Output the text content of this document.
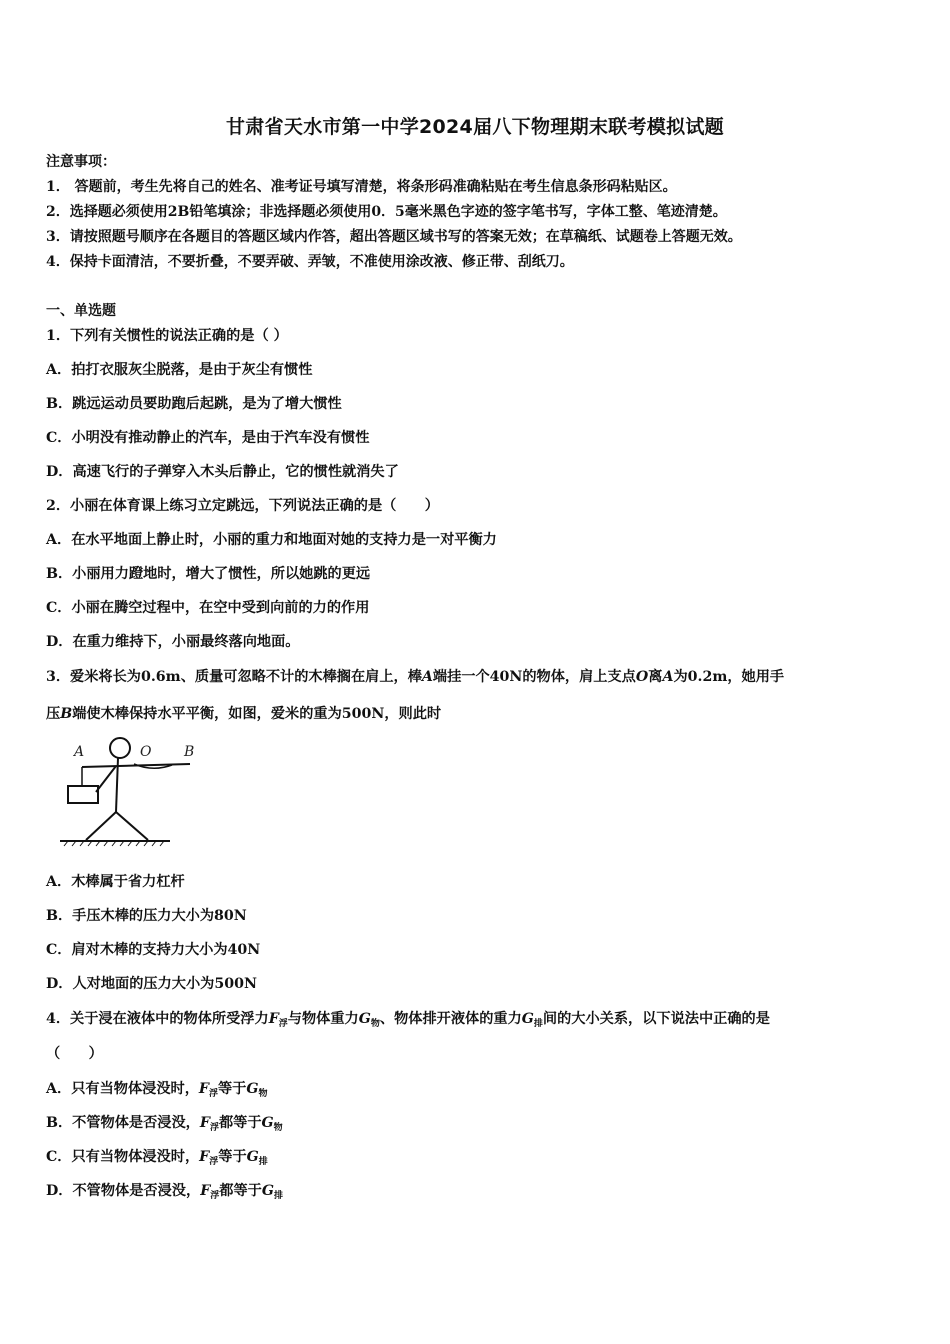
甘肃省天水市第一中学2024届八下物理期末联考模拟试题
注意事项：
1． 答题前，考生先将自己的姓名、准考证号填写清楚，将条形码准确粘贴在考生信息条形码粘贴区。
2．选择题必须使用2B铅笔填涂；非选择题必须使用0．5毫米黑色字迹的签字笔书写，字体工整、笔迹清楚。
3．请按照题号顺序在各题目的答题区域内作答，超出答题区域书写的答案无效；在草稿纸、试题卷上答题无效。
4．保持卡面清洁，不要折叠，不要弄破、弄皱，不准使用涂改液、修正带、刮纸刀。
一、单选题
1．下列有关惯性的说法正确的是（ ）
A．拍打衣服灰尘脱落，是由于灰尘有惯性
B．跳远运动员要助跑后起跳，是为了增大惯性
C．小明没有推动静止的汽车，是由于汽车没有惯性
D．高速飞行的子弹穿入木头后静止，它的惯性就消失了
2．小丽在体育课上练习立定跳远，下列说法正确的是（　　）
A．在水平地面上静止时，小丽的重力和地面对她的支持力是一对平衡力
B．小丽用力蹬地时，增大了惯性，所以她跳的更远
C．小丽在腾空过程中，在空中受到向前的力的作用
D．在重力维持下，小丽最终落向地面。
3．爱米将长为0.6m、质量可忽略不计的木棒搁在肩上，棒A端挂一个40N的物体，肩上支点O离A为0.2m，她用手
压B端使木棒保持水平平衡，如图，爱米的重为500N，则此时
A	O B
A．木棒属于省力杠杆
B．手压木棒的压力大小为80N
C．肩对木棒的支持力大小为40N
D．人对地面的压力大小为500N
4．关于浸在液体中的物体所受浮力$F_浮$与物体重力$G_物$、物体排开液体的重力$G_排$间的大小关系，以下说法中正确的是
（　　）
A．只有当物体浸没时，$F_浮$等于$G_物$
B．不管物体是否浸没，$F_浮$都等于$G_物$
C．只有当物体浸没时，$F_浮$等于$G_排$
D．不管物体是否浸没，$F_浮$都等于$G_排$
